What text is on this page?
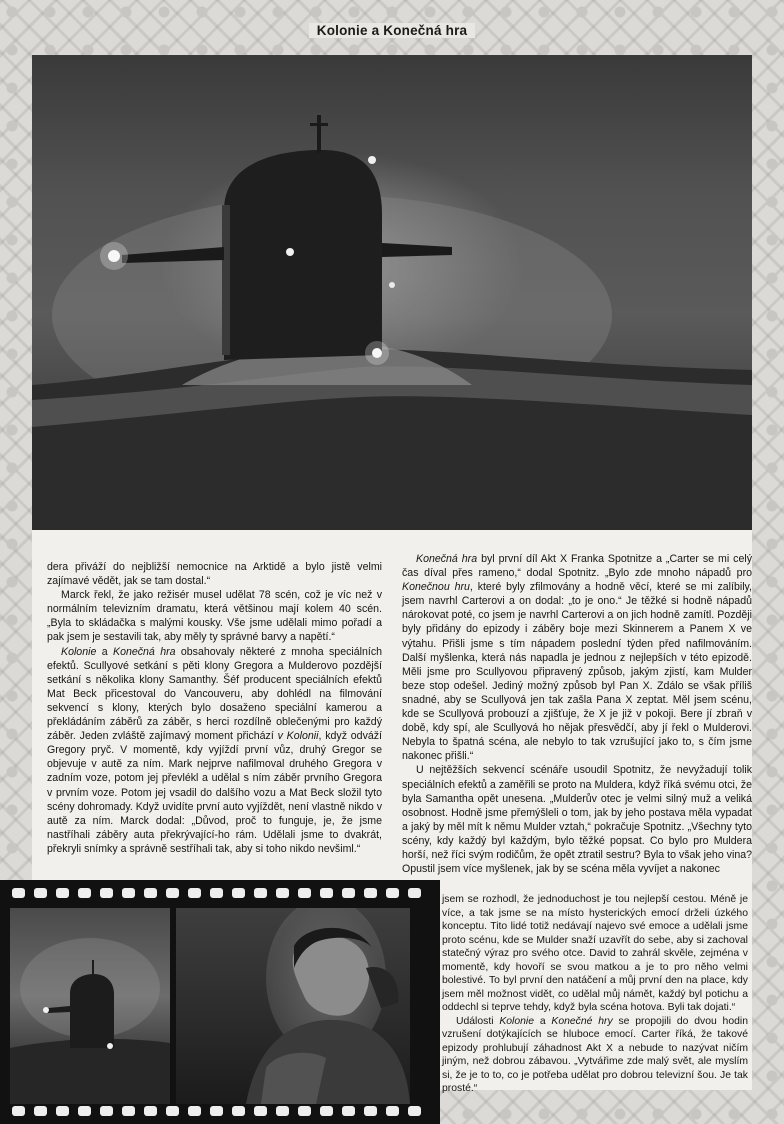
Kolonie a Konečná hra

dera přiváží do nejbližší nemocnice na Arktidě a bylo jistě velmi zajímavé vědět, jak se tam dostal.“

Marck řekl, že jako režisér musel udělat 78 scén, což je víc než v normálním televizním dramatu, která většinou mají kolem 40 scén. „Byla to skládačka s malými kousky. Vše jsme udělali mimo pořadí a pak jsem je sestavili tak, aby měly ty správné barvy a napětí.“

Kolonie a Konečná hra obsahovaly některé z mnoha speciálních efektů. Scullyové setkání s pěti klony Gregora a Mulderovo pozdější setkání s několika klony Samanthy. Šéf producent speciálních efektů Mat Beck přicestoval do Vancouveru, aby dohlédl na filmování sekvencí s klony, kterých bylo dosaženo speciální kamerou a překládáním záběrů za záběr, s herci rozdílně oblečenými pro každý záběr. Jeden zvláště zajímavý moment přichází v Kolonii, když odváží Gregory pryč. V momentě, kdy vyjíždí první vůz, druhý Gregor se objevuje v autě za ním. Mark nejprve nafilmoval druhého Gregora v zadním voze, potom jej převlékl a udělal s ním záběr prvního Gregora v prvním voze. Potom jej vsadil do dalšího vozu a Mat Beck složil tyto scény dohromady. Když uvidíte první auto vyjíždět, není vlastně nikdo v autě za ním. Marck dodal: „Důvod, proč to funguje, je, že jsme nastříhali záběry auta překrývající-ho rám. Udělali jsme to dvakrát, překryli snímky a správně sestříhali tak, aby si toho nikdo nevšiml.“

Konečná hra byl první díl Akt X Franka Spotnitze a „Carter se mi celý čas díval přes rameno,“ dodal Spotnitz. „Bylo zde mnoho nápadů pro Konečnou hru, které byly zfilmovány a hodně věcí, které se mi zalíbily, jsem navrhl Carterovi a on dodal: „to je ono.“ Je těžké si hodně nápadů nárokovat poté, co jsem je navrhl Carterovi a on jich hodně zamítl. Později byly přidány do epizody i záběry boje mezi Skinnerem a Panem X ve výtahu. Přišli jsme s tím nápadem poslední týden před nafilmováním. Další myšlenka, která nás napadla je jednou z nejlepších v této epizodě. Měli jsme pro Scullyovou připravený způsob, jakým zjistí, kam Mulder beze stop odešel. Jediný možný způsob byl Pan X. Zdálo se však příliš snadné, aby se Scullyová jen tak zašla Pana X zeptat. Měl jsem scénu, kde se Scullyová probouzí a zjišťuje, že X je již v pokoji. Bere jí zbraň v době, kdy spí, ale Scullyová ho nějak přesvědčí, aby jí řekl o Mulderovi. Nebyla to špatná scéna, ale nebylo to tak vzrušující jako to, s čím jsme nakonec přišli.“

U nejtěžších sekvencí scénáře usoudil Spotnitz, že nevyžadují tolik speciálních efektů a zaměřili se proto na Muldera, když říká svému otci, že byla Samantha opět unesena. „Mulderův otec je velmi silný muž a veliká osobnost. Hodně jsme přemýšleli o tom, jak by jeho postava měla vypadat a jaký by měl mít k němu Mulder vztah,“ pokračuje Spotnitz. „Všechny tyto scény, kdy každý byl každým, bylo těžké popsat. Co bylo pro Muldera horší, než říci svým rodičům, že opět ztratil sestru? Byla to však jeho vina? Opustil jsem více myšlenek, jak by se scéna měla vyvíjet a nakonec

jsem se rozhodl, že jednoduchost je tou nejlepší cestou. Méně je více, a tak jsme se na místo hysterických emocí drželi úzkého konceptu. Tito lidé totiž nedávají najevo své emoce a udělali jsme proto scénu, kde se Mulder snaží uzavřít do sebe, aby si zachoval statečný výraz pro svého otce. David to zahrál skvěle, zejména v momentě, kdy hovoří se svou matkou a je to pro něho velmi bolestivé. To byl první den natáčení a můj první den na place, kdy jsem měl možnost vidět, co udělal můj námět, každý byl potichu a oddechl si teprve tehdy, když byla scéna hotova. Byli tak dojati.“

Události Kolonie a Konečné hry se propojili do dvou hodin vzrušení dotýkajících se hluboce emocí. Carter říká, že takové epizody prohlubují záhadnost Akt X a nebude to nazývat ničím jiným, než dobrou zábavou. „Vytvářime zde malý svět, ale myslím si, že je to to, co je potřeba udělat pro dobrou televizní šou. Je tak prosté.“
